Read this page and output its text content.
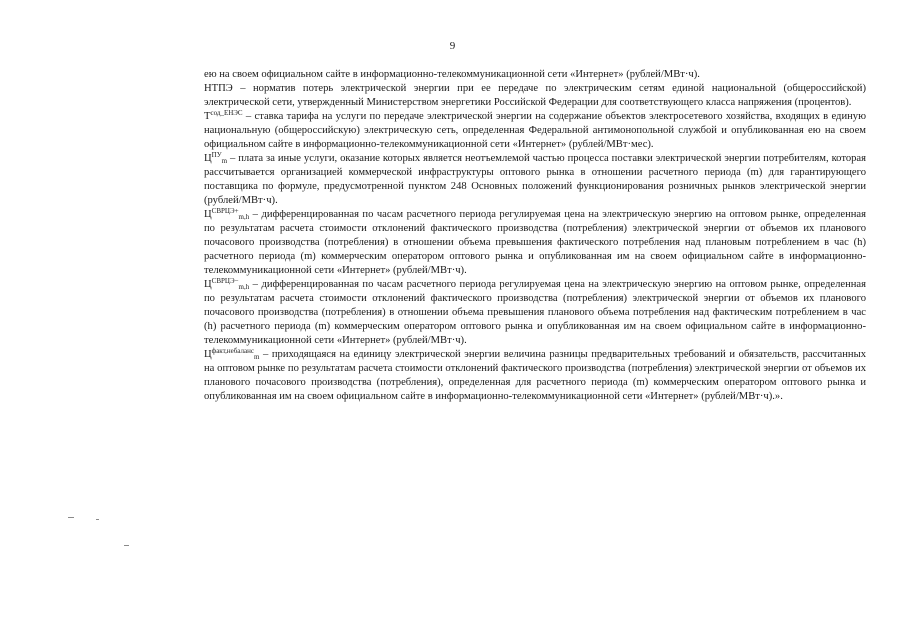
9

ею на своем официальном сайте в информационно-телекоммуникационной сети «Интернет» (рублей/МВт·ч).

НТПЭ – норматив потерь электрической энергии при ее передаче по электрическим сетям единой национальной (общероссийской) электрической сети, утвержденный Министерством энергетики Российской Федерации для соответствующего класса напряжения (процентов).

$Т^{сод\_ЕНЭС}$ – ставка тарифа на услуги по передаче электрической энергии на содержание объектов электросетевого хозяйства, входящих в единую национальную (общероссийскую) электрическую сеть, определенная Федеральной антимонопольной службой и опубликованная ею на своем официальном сайте в информационно-телекоммуникационной сети «Интернет» (рублей/МВт·мес).

$Ц^{ПУ}_m$ – плата за иные услуги, оказание которых является неотъемлемой частью процесса поставки электрической энергии потребителям, которая рассчитывается организацией коммерческой инфраструктуры оптового рынка в отношении расчетного периода (m) для гарантирующего поставщика по формуле, предусмотренной пунктом 248 Основных положений функционирования розничных рынков электрической энергии (рублей/МВт·ч).

$Ц^{СВРЦЭ+}_{m,h}$ – дифференцированная по часам расчетного периода регулируемая цена на электрическую энергию на оптовом рынке, определенная по результатам расчета стоимости отклонений фактического производства (потребления) электрической энергии от объемов их планового почасового производства (потребления) в отношении объема превышения фактического потребления над плановым потреблением в час (h) расчетного периода (m) коммерческим оператором оптового рынка и опубликованная им на своем официальном сайте в информационно-телекоммуникационной сети «Интернет» (рублей/МВт·ч).

$Ц^{СВРЦЭ-}_{m,h}$ – дифференцированная по часам расчетного периода регулируемая цена на электрическую энергию на оптовом рынке, определенная по результатам расчета стоимости отклонений фактического производства (потребления) электрической энергии от объемов их планового почасового производства (потребления) в отношении объема превышения планового объема потребления над фактическим потреблением в час (h) расчетного периода (m) коммерческим оператором оптового рынка и опубликованная им на своем официальном сайте в информационно-телекоммуникационной сети «Интернет» (рублей/МВт·ч).

$Ц^{факт,небаланс}_m$ – приходящаяся на единицу электрической энергии величина разницы предварительных требований и обязательств, рассчитанных на оптовом рынке по результатам расчета стоимости отклонений фактического производства (потребления) электрической энергии от объемов их планового почасового производства (потребления), определенная для расчетного периода (m) коммерческим оператором оптового рынка и опубликованная им на своем официальном сайте в информационно-телекоммуникационной сети «Интернет» (рублей/МВт·ч).».
